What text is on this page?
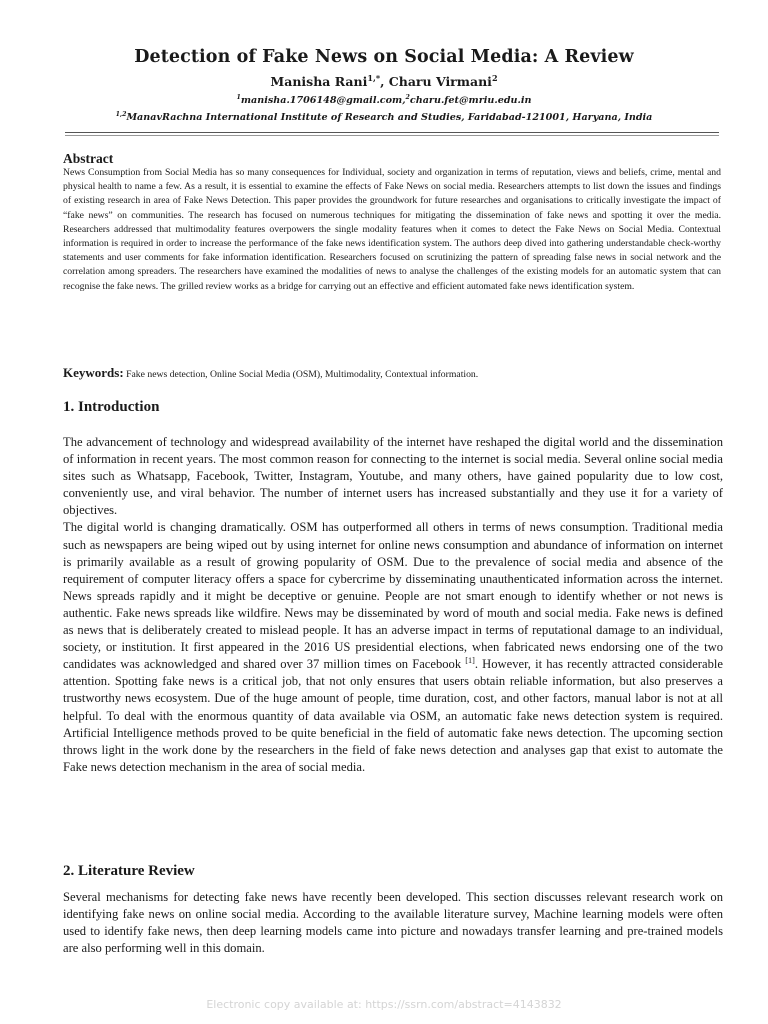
Detection of Fake News on Social Media: A Review
Manisha Rani$^{1,*}$, Charu Virmani$^2$
$^1$manisha.1706148@gmail.com,$^2$charu.fet@mriu.edu.in
$^{1,2}$ManavRachna International Institute of Research and Studies, Faridabad-121001, Haryana, India
Abstract
News Consumption from Social Media has so many consequences for Individual, society and organization in terms of reputation, views and beliefs, crime, mental and physical health to name a few. As a result, it is essential to examine the effects of Fake News on social media. Researchers attempts to list down the issues and findings of existing research in area of Fake News Detection. This paper provides the groundwork for future researches and organisations to critically investigate the impact of “fake news” on communities. The research has focused on numerous techniques for mitigating the dissemination of fake news and spotting it over the media. Researchers addressed that multimodality features overpowers the single modality features when it comes to detect the Fake News on Social Media. Contextual information is required in order to increase the performance of the fake news identification system. The authors deep dived into gathering understandable check-worthy statements and user comments for fake information identification. Researchers focused on scrutinizing the pattern of spreading false news in social network and the correlation among spreaders. The researchers have examined the modalities of news to analyse the challenges of the existing models for an automatic system that can recognise the fake news. The grilled review works as a bridge for carrying out an effective and efficient automated fake news identification system.
Keywords: Fake news detection, Online Social Media (OSM), Multimodality, Contextual information.
1. Introduction

The advancement of technology and widespread availability of the internet have reshaped the digital world and the dissemination of information in recent years. The most common reason for connecting to the internet is social media. Several online social media sites such as Whatsapp, Facebook, Twitter, Instagram, Youtube, and many others, have gained popularity due to low cost, conveniently use, and viral behavior. The number of internet users has increased substantially and they use it for a variety of objectives.

The digital world is changing dramatically. OSM has outperformed all others in terms of news consumption. Traditional media such as newspapers are being wiped out by using internet for online news consumption and abundance of information on internet is primarily available as a result of growing popularity of OSM. Due to the prevalence of social media and absence of the requirement of computer literacy offers a space for cybercrime by disseminating unauthenticated information across the internet. News spreads rapidly and it might be deceptive or genuine. People are not smart enough to identify whether or not news is authentic. Fake news spreads like wildfire. News may be disseminated by word of mouth and social media. Fake news is defined as news that is deliberately created to mislead people. It has an adverse impact in terms of reputational damage to an individual, society, or institution. It first appeared in the 2016 US presidential elections, when fabricated news endorsing one of the two candidates was acknowledged and shared over 37 million times on Facebook [1]. However, it has recently attracted considerable attention. Spotting fake news is a critical job, that not only ensures that users obtain reliable information, but also preserves a trustworthy news ecosystem. Due of the huge amount of people, time duration, cost, and other factors, manual labor is not at all helpful. To deal with the enormous quantity of data available via OSM, an automatic fake news detection system is required. Artificial Intelligence methods proved to be quite beneficial in the field of automatic fake news detection. The upcoming section throws light in the work done by the researchers in the field of fake news detection and analyses gap that exist to automate the Fake news detection mechanism in the area of social media.

2. Literature Review

Several mechanisms for detecting fake news have recently been developed. This section discusses relevant research work on identifying fake news on online social media. According to the available literature survey, Machine learning models were often used to identify fake news, then deep learning models came into picture and nowadays transfer learning and pre-trained models are also performing well in this domain.

Electronic copy available at: https://ssrn.com/abstract=4143832
